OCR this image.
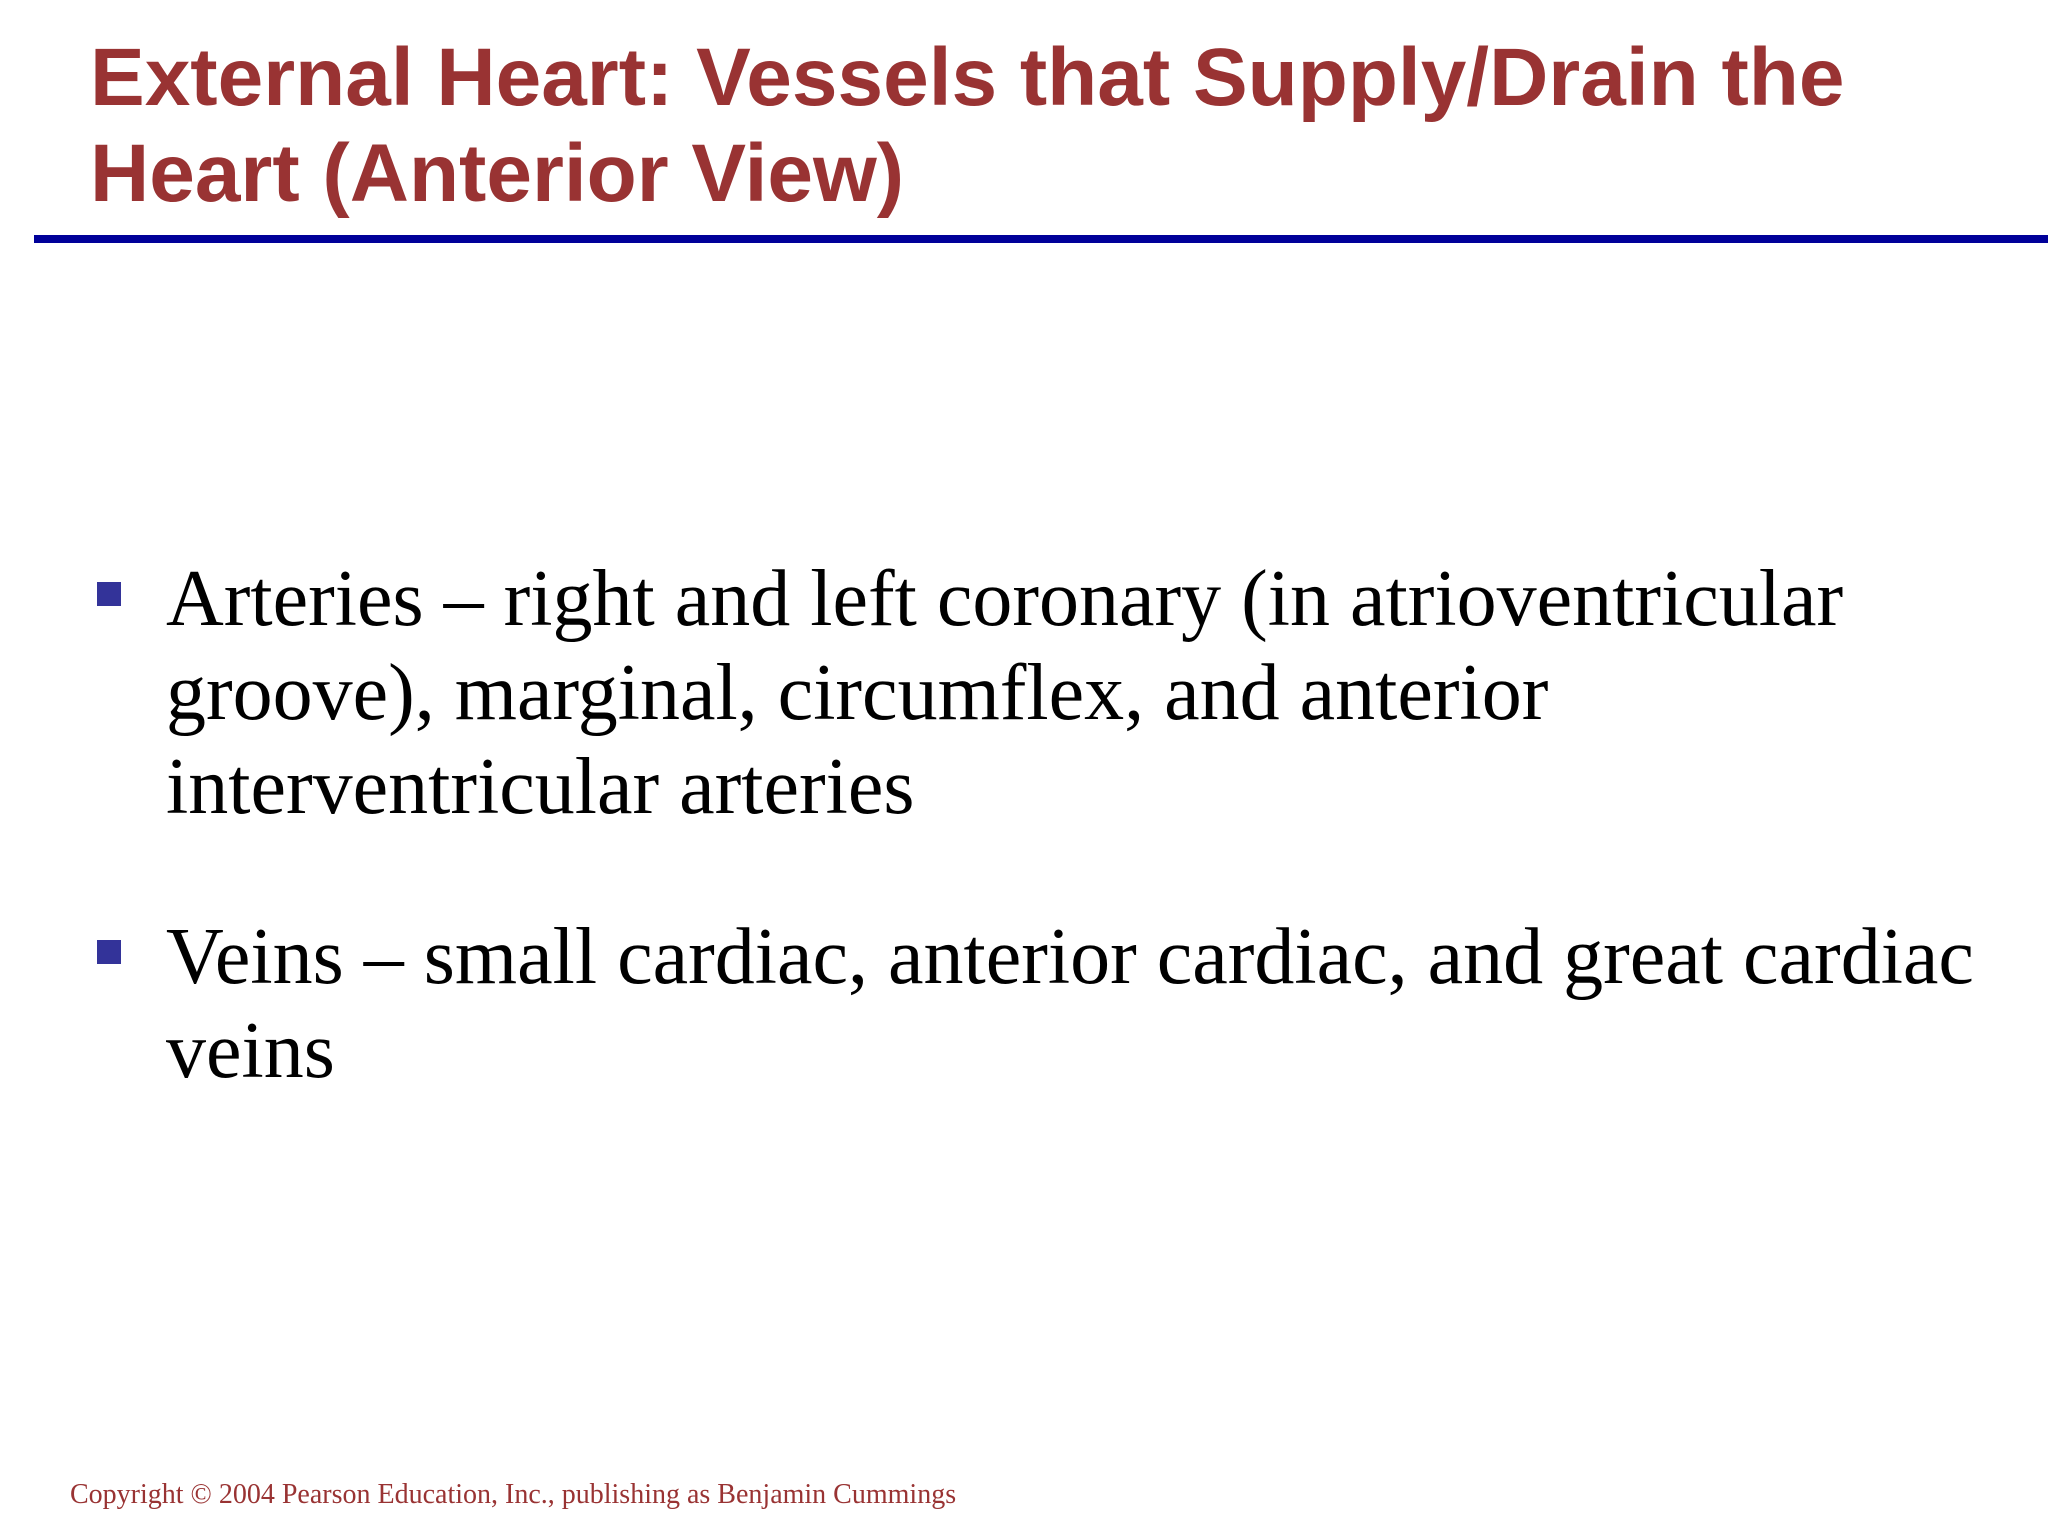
External Heart: Vessels that Supply/Drain the Heart (Anterior View)
Arteries – right and left coronary (in atrioventricular groove), marginal, circumflex, and anterior interventricular arteries
Veins – small cardiac, anterior cardiac, and great cardiac veins
Copyright © 2004 Pearson Education, Inc., publishing as Benjamin Cummings
